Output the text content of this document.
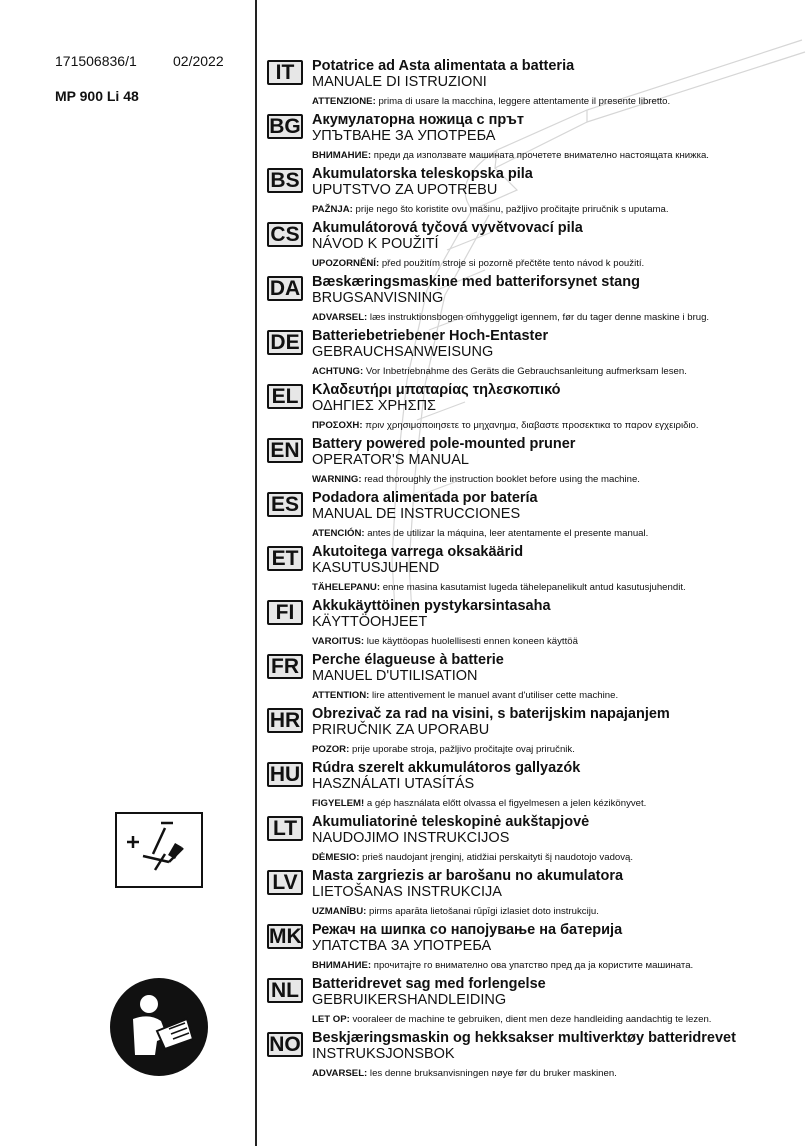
171506836/1	02/2022
MP 900 Li 48
IT	Potatrice ad Asta alimentata a batteria
MANUALE DI ISTRUZIONI
ATTENZIONE: prima di usare la macchina, leggere attentamente il presente libretto.
BG Акумулаторна ножица с прът
УПЪТВАНЕ ЗА УПОТРЕБА
ВНИМАНИЕ: преди да използвате машината прочетете внимателно настоящата книжка.
BS Akumulatorska teleskopska pila
UPUTSTVO ZA UPOTREBU
PAŽNJA: prije nego što koristite ovu mašinu, pažljivo pročitajte priručnik s uputama.
CS Akumulátorová tyčová vyvětvovací pila
NÁVOD K POUŽITÍ
UPOZORNĚNÍ: před použitím stroje si pozorně přečtěte tento návod k použití.
DA Bæskæringsmaskine med batteriforsynet stang
BRUGSANVISNING
ADVARSEL: læs instruktionsbogen omhyggeligt igennem, før du tager denne maskine i brug.
DE Batteriebetriebener Hoch-Entaster
GEBRAUCHSANWEISUNG
ACHTUNG: Vor Inbetriebnahme des Geräts die Gebrauchsanleitung aufmerksam lesen.
EL Κλαδευτήρι μπαταρίας τηλεσκοπικό
ΟΔΗΓΙΕΣ ΧΡΗΣΠΣ
ΠΡΟΣΟΧΗ: πριν χρησιμοποιησετε το μηχανημα, διαβαστε προσεκτικα το παρον εγχειριδιο.
EN Battery powered pole-mounted pruner
OPERATOR'S MANUAL
WARNING: read thoroughly the instruction booklet before using the machine.
ES Podadora alimentada por batería
MANUAL DE INSTRUCCIONES
ATENCIÓN: antes de utilizar la máquina, leer atentamente el presente manual.
ET Akutoitega varrega oksakäärid
KASUTUSJUHEND
TÄHELEPANU: enne masina kasutamist lugeda tähelepanelikult antud kasutusjuhendit.
FI	Akkukäyttöinen pystykarsintasaha
KÄYTTÖOHJEET
VAROITUS: lue käyttöopas huolellisesti ennen koneen käyttöä
FR Perche élagueuse à batterie
MANUEL D'UTILISATION
ATTENTION: lire attentivement le manuel avant d'utiliser cette machine.
HR Obrezivač za rad na visini, s baterijskim napajanjem
PRIRUČNIK ZA UPORABU
POZOR: prije uporabe stroja, pažljivo pročitajte ovaj priručnik.
HU Rúdra szerelt akkumulátoros gallyazók
HASZNÁLATI UTASÍTÁS
FIGYELEM! a gép használata előtt olvassa el figyelmesen a jelen kézikönyvet.
LT	Akumuliatorinė teleskopinė aukštapjovė
NAUDOJIMO INSTRUKCIJOS
DĖMESIO: prieš naudojant įrenginį, atidžiai perskaityti šį naudotojo vadovą.
LV Masta zargriezis ar barošanu no akumulatora
LIETOŠANAS INSTRUKCIJA
UZMANĪBU: pirms aparāta lietošanai rūpīgi izlasiet doto instrukciju.
MK Режач на шипка со напојување на батерија
УПАТСТВА ЗА УПОТРЕБА
ВНИМАНИЕ: прочитајте го внимателно ова упатство пред да ја користите машината.
NL Batteridrevet sag med forlengelse
GEBRUIKERSHANDLEIDING
LET OP: vooraleer de machine te gebruiken, dient men deze handleiding aandachtig te lezen.
NO Beskjæringsmaskin og hekksakser multiverktøy batteridrevet
INSTRUKSJONSBOK
ADVARSEL: les denne bruksanvisningen nøye før du bruker maskinen.
